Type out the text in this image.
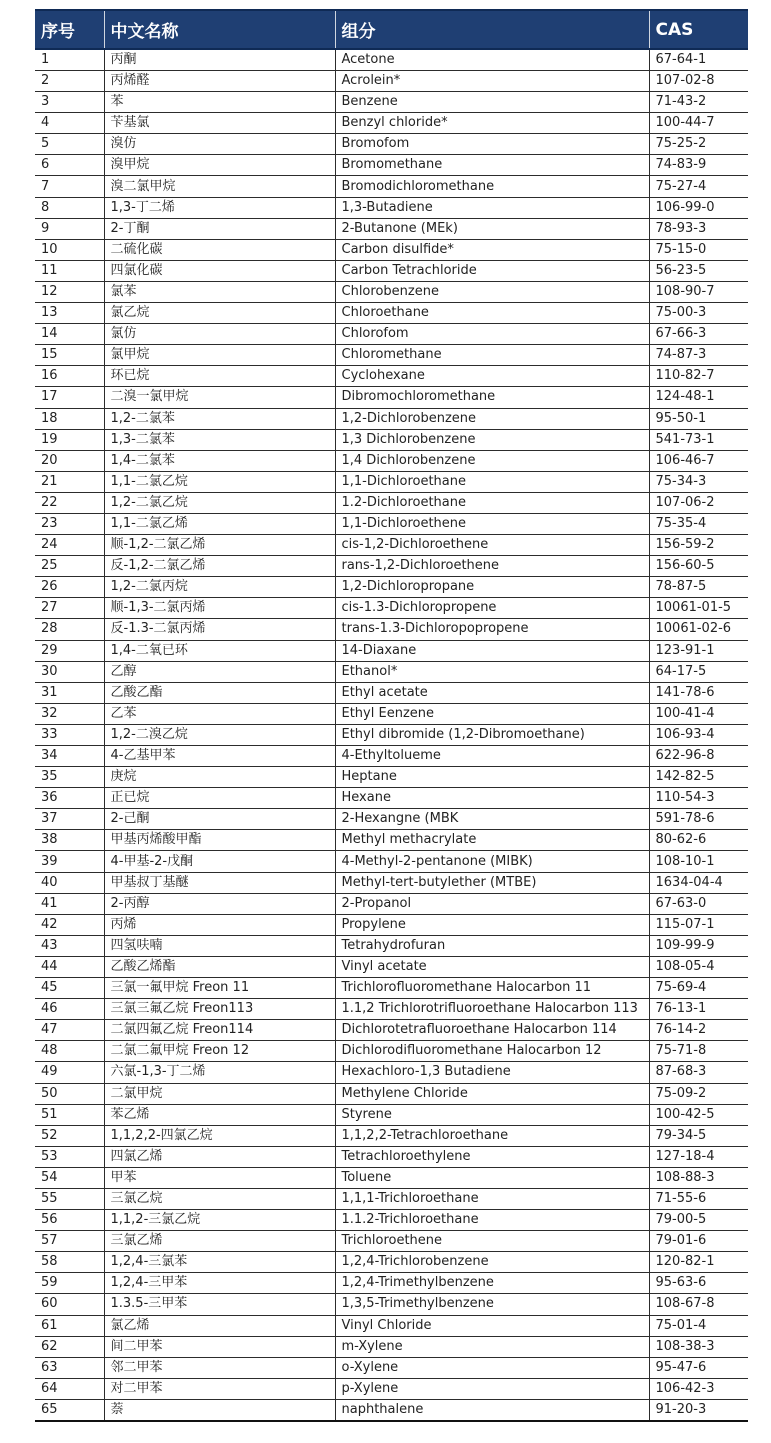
序号	中文名称	组分	CAS
1	丙酮	Acetone	67-64-1
2	丙烯醛	Acrolein*	107-02-8
3	苯	Benzene	71-43-2
4	苄基氯	Benzyl chloride*	100-44-7
5	溴仿	Bromofom	75-25-2
6	溴甲烷	Bromomethane	74-83-9
7	溴二氯甲烷	Bromodichloromethane	75-27-4
8	1,3-丁二烯	1,3-Butadiene	106-99-0
9	2-丁酮	2-Butanone (MEk)	78-93-3
10	二硫化碳	Carbon disulfide*	75-15-0
11	四氯化碳	Carbon Tetrachloride	56-23-5
12	氯苯	Chlorobenzene	108-90-7
13	氯乙烷	Chloroethane	75-00-3
14	氯仿	Chlorofom	67-66-3
15	氯甲烷	Chloromethane	74-87-3
16	环已烷	Cyclohexane	110-82-7
17	二溴一氯甲烷	Dibromochloromethane	124-48-1
18	1,2-二氯苯	1,2-Dichlorobenzene	95-50-1
19	1,3-二氯苯	1,3 Dichlorobenzene	541-73-1
20	1,4-二氯苯	1,4 Dichlorobenzene	106-46-7
21	1,1-二氯乙烷	1,1-Dichloroethane	75-34-3
22	1,2-二氯乙烷	1.2-Dichloroethane	107-06-2
23	1,1-二氯乙烯	1,1-Dichloroethene	75-35-4
24	顺-1,2-二氯乙烯	cis-1,2-Dichloroethene	156-59-2
25	反-1,2-二氯乙烯	rans-1,2-Dichloroethene	156-60-5
26	1,2-二氯丙烷	1,2-Dichloropropane	78-87-5
27	顺-1,3-二氯丙烯	cis-1.3-Dichloropropene	10061-01-5
28	反-1.3-二氯丙烯	trans-1.3-Dichloropopropene	10061-02-6
29	1,4-二氧已环	14-Diaxane	123-91-1
30	乙醇	Ethanol*	64-17-5
31	乙酸乙酯	Ethyl acetate	141-78-6
32	乙苯	Ethyl Eenzene	100-41-4
33	1,2-二溴乙烷	Ethyl dibromide (1,2-Dibromoethane)	106-93-4
34	4-乙基甲苯	4-Ethyltolueme	622-96-8
35	庚烷	Heptane	142-82-5
36	正已烷	Hexane	110-54-3
37	2-己酮	2-Hexangne (MBK	591-78-6
38	甲基丙烯酸甲酯	Methyl methacrylate	80-62-6
39	4-甲基-2-戊酮	4-Methyl-2-pentanone (MIBK)	108-10-1
40	甲基叔丁基醚	Methyl-tert-butylether (MTBE)	1634-04-4
41	2-丙醇	2-Propanol	67-63-0
42	丙烯	Propylene	115-07-1
43	四氢呋喃	Tetrahydrofuran	109-99-9
44	乙酸乙烯酯	Vinyl acetate	108-05-4
45	三氯一氟甲烷 Freon 11	Trichlorofluoromethane Halocarbon 11	75-69-4
46	三氯三氟乙烷 Freon113	1.1,2 Trichlorotrifluoroethane Halocarbon 113	76-13-1
47	二氯四氟乙烷 Freon114	Dichlorotetrafluoroethane Halocarbon 114	76-14-2
48	二氯二氟甲烷 Freon 12	Dichlorodifluoromethane Halocarbon 12	75-71-8
49	六氯-1,3-丁二烯	Hexachloro-1,3 Butadiene	87-68-3
50	二氯甲烷	Methylene Chloride	75-09-2
51	苯乙烯	Styrene	100-42-5
52	1,1,2,2-四氯乙烷	1,1,2,2-Tetrachloroethane	79-34-5
53	四氯乙烯	Tetrachloroethylene	127-18-4
54	甲苯	Toluene	108-88-3
55	三氯乙烷	1,1,1-Trichloroethane	71-55-6
56	1,1,2-三氯乙烷	1.1.2-Trichloroethane	79-00-5
57	三氯乙烯	Trichloroethene	79-01-6
58	1,2,4-三氯苯	1,2,4-Trichlorobenzene	120-82-1
59	1,2,4-三甲苯	1,2,4-Trimethylbenzene	95-63-6
60	1.3.5-三甲苯	1,3,5-Trimethylbenzene	108-67-8
61	氯乙烯	Vinyl Chloride	75-01-4
62	间二甲苯	m-Xylene	108-38-3
63	邻二甲苯	o-Xylene	95-47-6
64	对二甲苯	p-Xylene	106-42-3
65	萘	naphthalene	91-20-3
